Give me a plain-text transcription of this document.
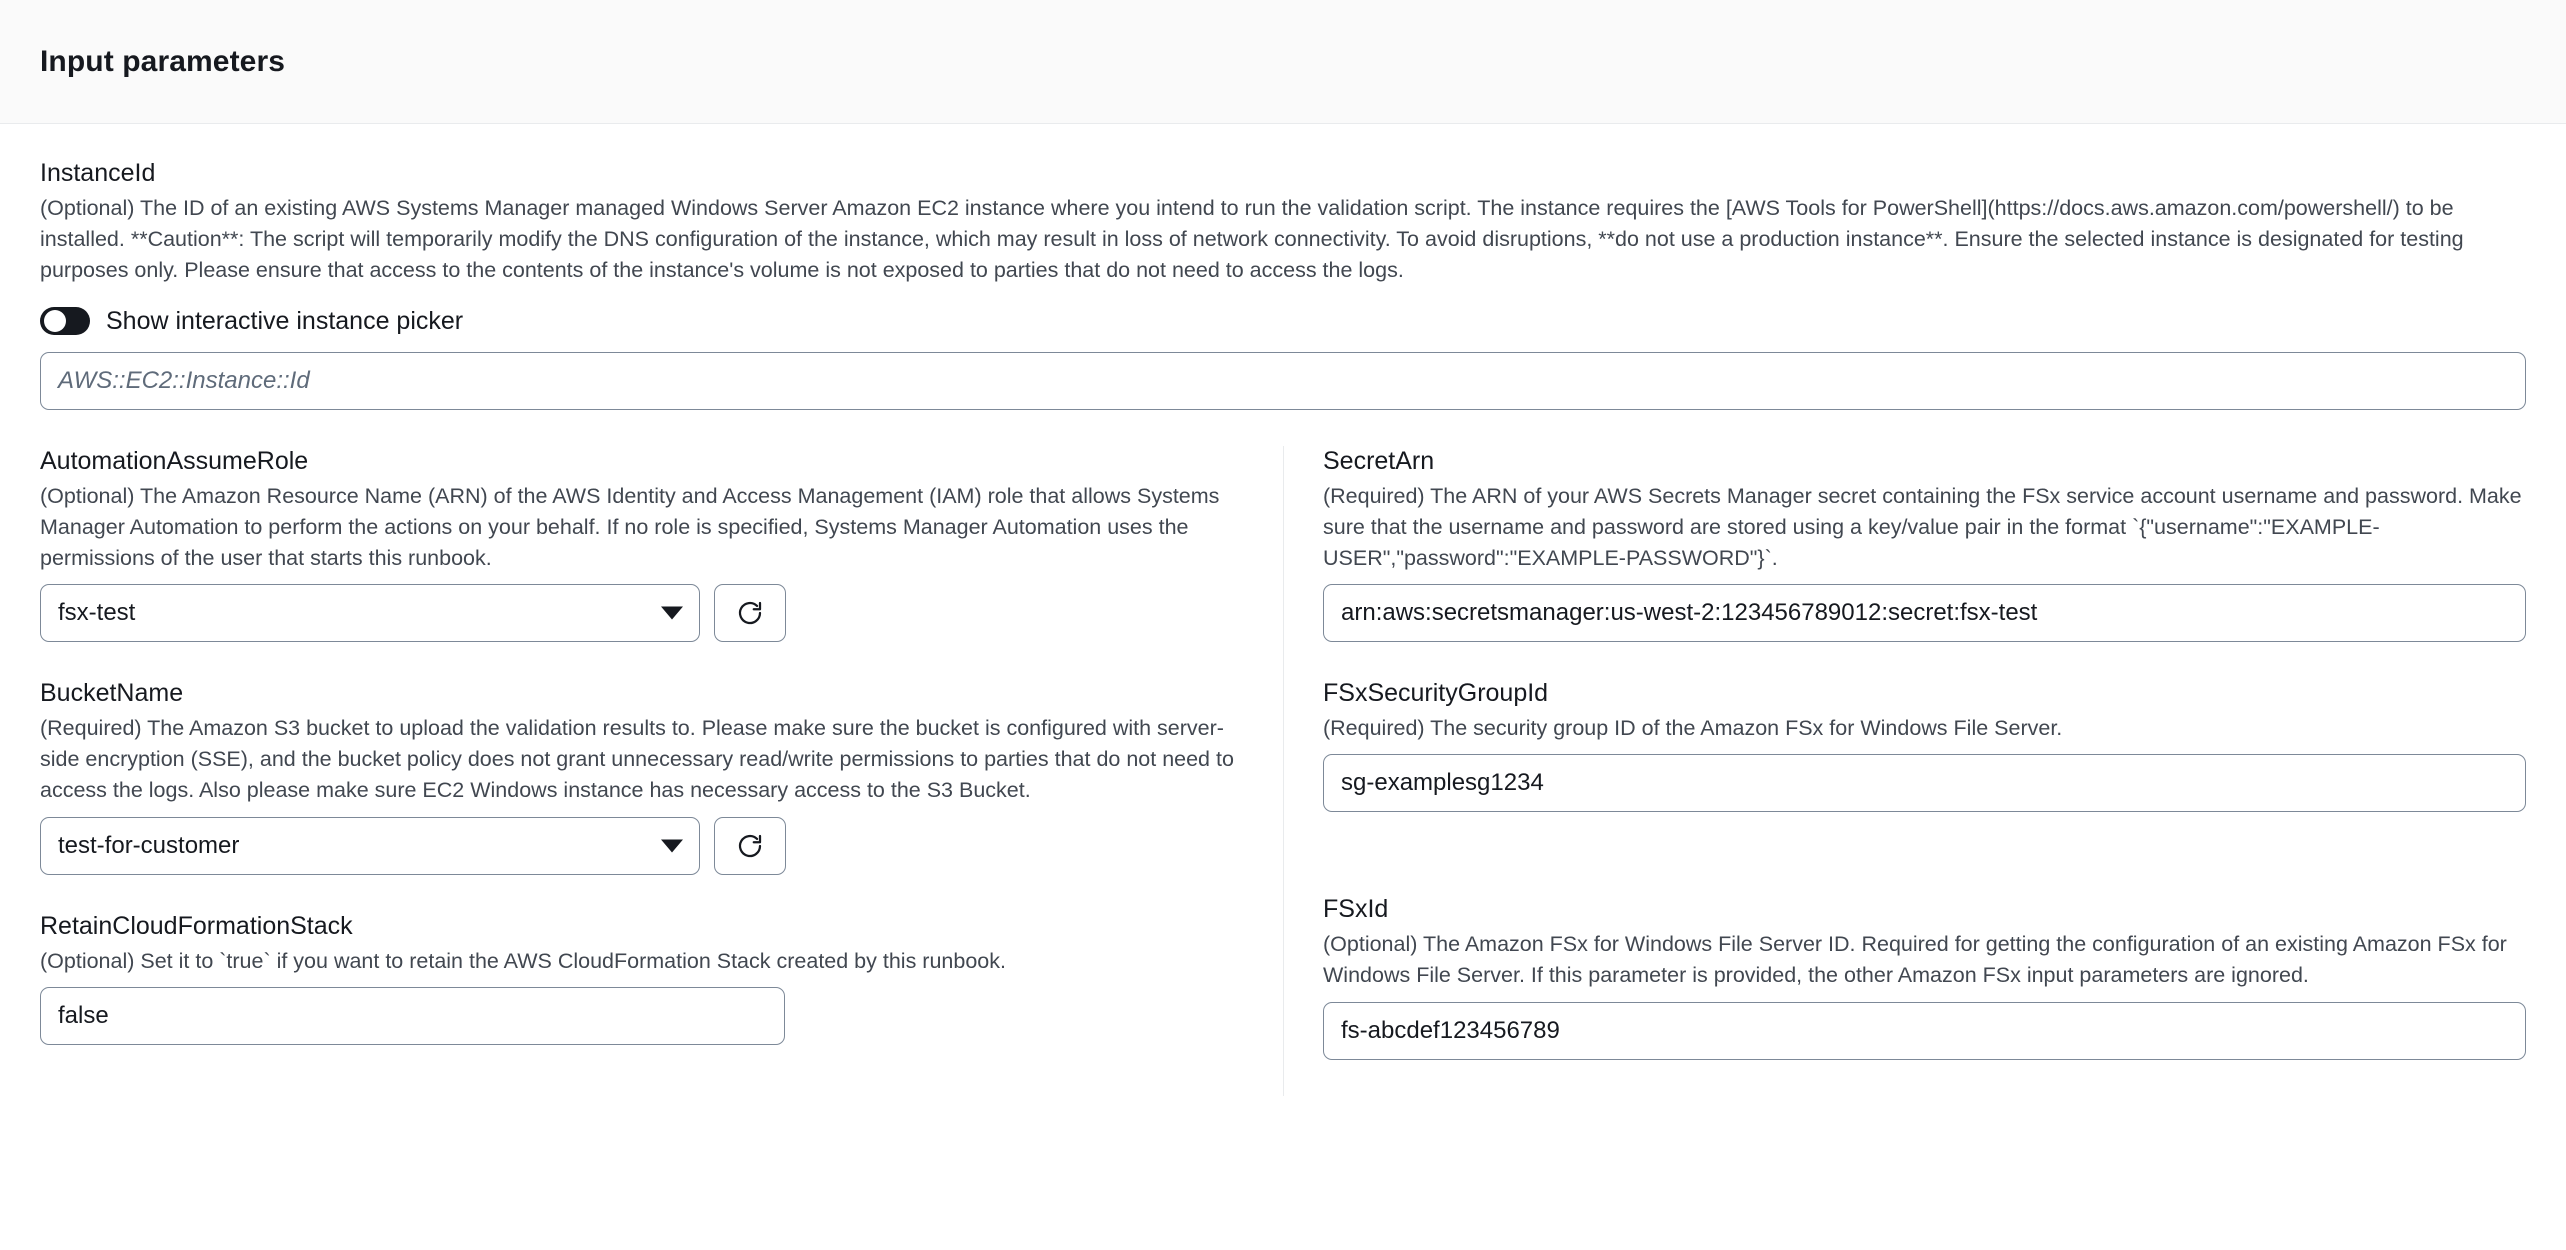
Input parameters
InstanceId

(Optional) The ID of an existing AWS Systems Manager managed Windows Server Amazon EC2 instance where you intend to run the validation script. The instance requires the [AWS Tools for PowerShell](https://docs.aws.amazon.com/powershell/) to be installed. **Caution**: The script will temporarily modify the DNS configuration of the instance, which may result in loss of network connectivity. To avoid disruptions, **do not use a production instance**. Ensure the selected instance is designated for testing purposes only. Please ensure that access to the contents of the instance's volume is not exposed to parties that do not need to access the logs.

Show interactive instance picker
AWS::EC2::Instance::Id
AutomationAssumeRole

(Optional) The Amazon Resource Name (ARN) of the AWS Identity and Access Management (IAM) role that allows Systems Manager Automation to perform the actions on your behalf. If no role is specified, Systems Manager Automation uses the permissions of the user that starts this runbook.

fsx-test
BucketName

(Required) The Amazon S3 bucket to upload the validation results to. Please make sure the bucket is configured with server-side encryption (SSE), and the bucket policy does not grant unnecessary read/write permissions to parties that do not need to access the logs. Also please make sure EC2 Windows instance has necessary access to the S3 Bucket.

test-for-customer
RetainCloudFormationStack

(Optional) Set it to `true` if you want to retain the AWS CloudFormation Stack created by this runbook.

false
SecretArn

(Required) The ARN of your AWS Secrets Manager secret containing the FSx service account username and password. Make sure that the username and password are stored using a key/value pair in the format `{"username":"EXAMPLE-USER","password":"EXAMPLE-PASSWORD"}`.

arn:aws:secretsmanager:us-west-2:123456789012:secret:fsx-test
FSxSecurityGroupId

(Required) The security group ID of the Amazon FSx for Windows File Server.

sg-examplesg1234
FSxId

(Optional) The Amazon FSx for Windows File Server ID. Required for getting the configuration of an existing Amazon FSx for Windows File Server. If this parameter is provided, the other Amazon FSx input parameters are ignored.

fs-abcdef123456789
